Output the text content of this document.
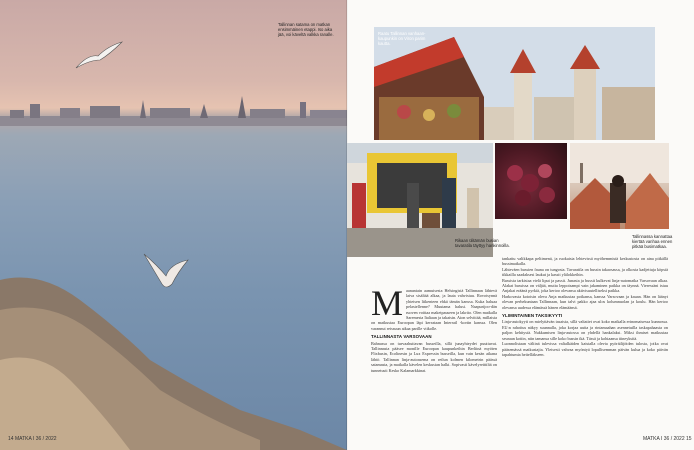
Tallinnan satama on matkan ensimmäinen etappi. Iso aika jää, voi käveltä valkka ranalle.
14 MATKA I 36 / 2022
Raatu Tallinnan vanhaan-kaupunkin on Viron parim kautta.
Rikaan ülitämän busian tavaratila täyttyy hankinnoilla.
Tallinnassa kannattaa kiertää vanhaa ennen pitkää busimatkaa.
M aanantain aamuisesta Helsingistä Tallinnaan lähtevä laiva sisältää alkaa, ja lauta vahvistuu. Rovotsynnä yhteisen liikenteen ehkä tämän kanssa. Kuka haluaa pelastellenne? Muutama halusi. Naapurijoo-dän ruoven voittaa maketpauseen ja lakrito. Olen matkalla Saremesta Italiaan ja takaisin. Aion selvittää, millaista on matkustaa Euroopan läpi kerrataan Interrail -kortin kanssa. Olen varannut reissuun aikaa parille viikolle.

TALLINNASTA VARSOVAAN

Bahnassa on turvaahuttavan busseilla, sillä junayhteydet puuttuvat. Tallinnasta pääsee monille Euroopan kaupunkeihin Berliinä myöten Flixbusin, Ecolinesin ja Lux Expressin busseilla, kun vain kesän aikana lähtö. Tallinnan linja-autoasema on reilun kolmen kilometrin päässä satamasta, ja matkalla kävelen keskustan halki. Sopivasti kävelyreittiltä on tunnetusti Kesko Kalamarkkinat.

tankattu valikkapa peltimenä, ja ruokaisia lehtevissä myöhemmistä keskustosta on aina pitkällä bussimatkalla.

Lähteväen bussien fauna on tungosta. Tavaratila on bussin takaosassa, ja olkosta kadjettuja köpsiä tikkailla saadaksesi laukut ja kassit ylälokkeihin.

Bussista tarkistaa vielä liput ja passit. Junasta ja bussit kulkevat linja-automatka Varsovaan alkaa. Alakat bussissa on väljää, mutta leppoisampi vain jakaminen paikka on täynnä. Vieressäni istuu Anjakai eräänä pyrkiä, joka kertoo olevansa aktivisuutelliseksi paikka.

Harkovasta kotoisin oleva Anja matkustaa poikansa, kanssa Varsovaan ja kauan. Hän on läänyt olevan perhekuntaan Tallinnaan, kun talvi pakko ajaa ulos kolumnuolan ja koulu. Hän kertoo olevansa uudessa elämässä hänen elämäänsä.

YLIMINTAINEN TAKSIKYYTI

Linja-autokyyti on mielyttävän tasaista, sillä valtatiet ovat koko matkalla erinomaisessa kunnossa. EU:n rahoitus näkyy suunnalla, joka korjaa uutta ja rintamaahan asennetuilla taskapahaasta on paljon kehitystä. Nukkumisen linja-autossa on yhdellä hankalaksi. Miksi ihmiset matkustaa seuraan kotiin, niin tamansa sille koko bussin ikä. Tässä ja kohtaansa tiineyksitä.

Luonnolistaan väliinä tulevissa valtalkäiden kaistalla olevia pyöräilijöiden tulosta, jotka ovat pääsemässä matkustajia. Yleisesti vahvaa myöntyä lopullisemman päivän kulua ja koko päivän tapahtumia heitelläkseen.

MATKA I 36 / 2022 15
